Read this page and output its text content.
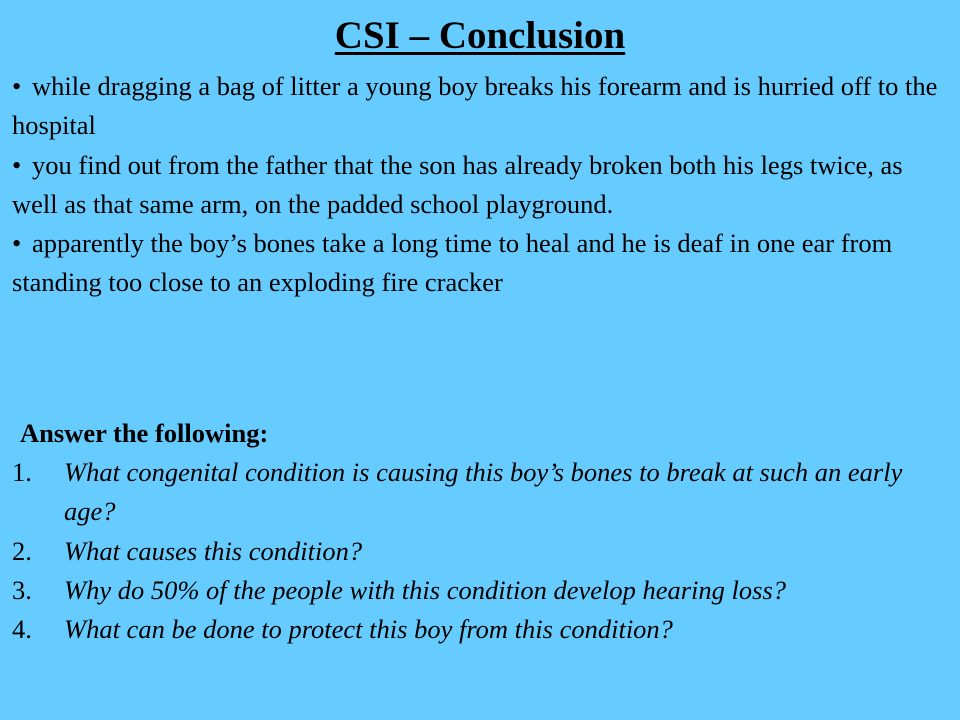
CSI – Conclusion
• while dragging a bag of litter a young boy breaks his forearm and is hurried off to the hospital
• you find out from the father that the son has already broken both his legs twice, as well as that same arm, on the padded school playground.
• apparently the boy’s bones take a long time to heal and he is deaf in one ear from standing too close to an exploding fire cracker

Answer the following:

1.	What congenital condition is causing this boy’s bones to break at such an early age?
2.	What causes this condition?
3.	Why do 50% of the people with this condition develop hearing loss?
4.	What can be done to protect this boy from this condition?
